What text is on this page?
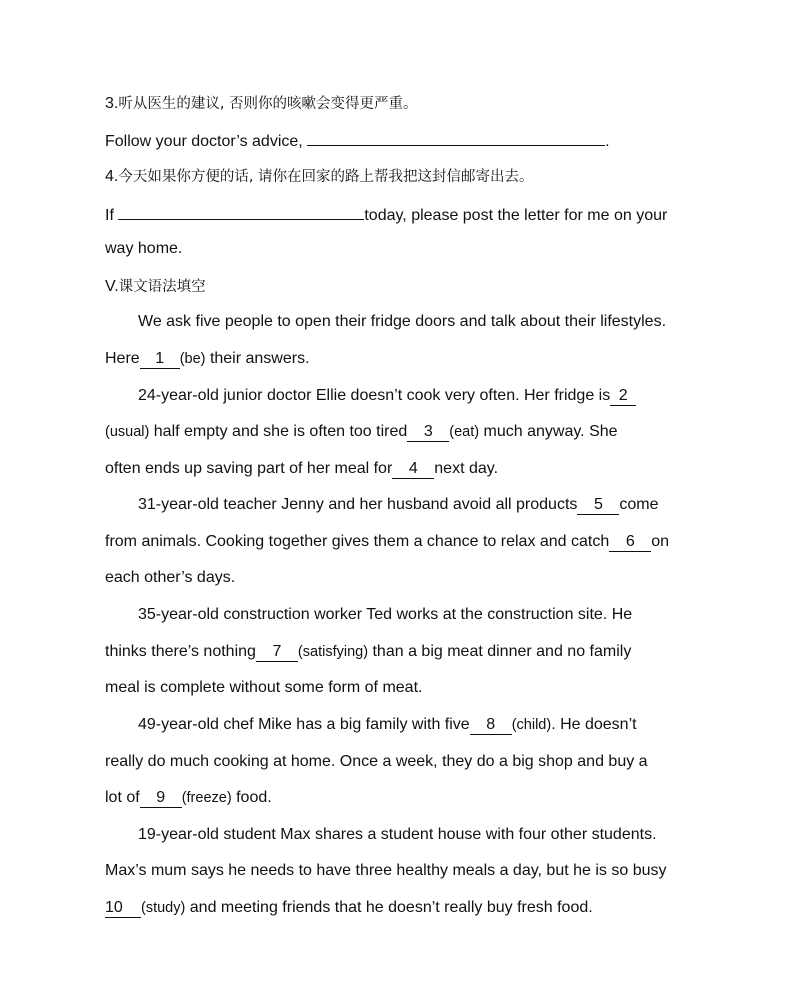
3.听从医生的建议, 否则你的咳嗽会变得更严重。
Follow your doctor’s advice,	.
4.今天如果你方便的话, 请你在回家的路上帮我把这封信邮寄出去。
If	today, please post the letter for me on your
way home.
V.课文语法填空
We ask five people to open their fridge doors and talk about their lifestyles.
Here 1 (be) their answers.
24-year-old junior doctor Ellie doesn’t cook very often. Her fridge is 2
(usual) half empty and she is often too tired 3 (eat) much anyway. She
often ends up saving part of her meal for 4 next day.
31-year-old teacher Jenny and her husband avoid all products 5 come
from animals. Cooking together gives them a chance to relax and catch 6 on
each other’s days.
35-year-old construction worker Ted works at the construction site. He
thinks there’s nothing 7 (satisfying) than a big meat dinner and no family
meal is complete without some form of meat.
49-year-old chef Mike has a big family with five 8 (child). He doesn’t
really do much cooking at home. Once a week, they do a big shop and buy a
lot of 9 (freeze) food.
19-year-old student Max shares a student house with four other students.
Max’s mum says he needs to have three healthy meals a day, but he is so busy
10 (study) and meeting friends that he doesn’t really buy fresh food.
